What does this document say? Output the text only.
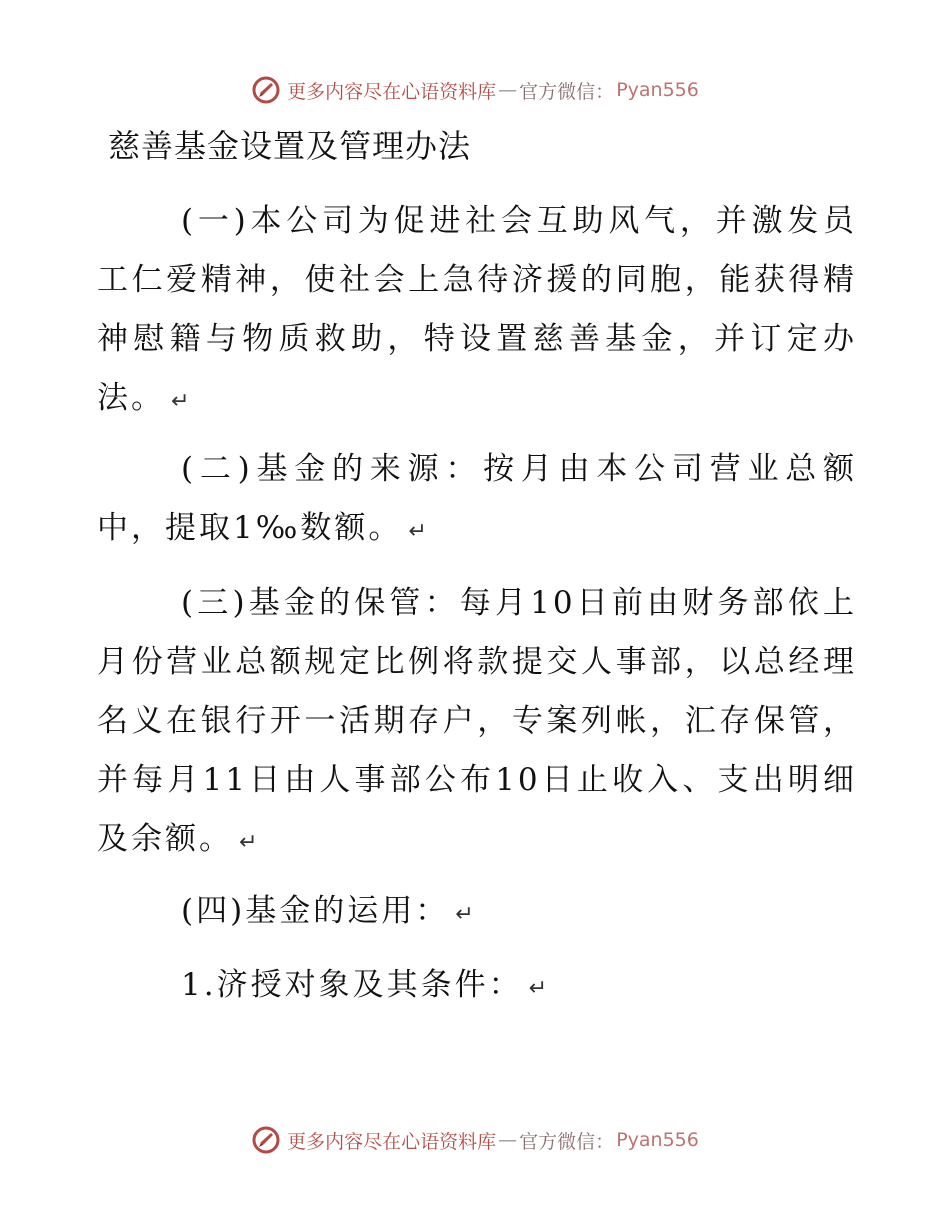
更多内容尽在心语资料库 — 官方微信： Pyan556
慈善基金设置及管理办法

(一)本公司为促进社会互助风气，并激发员工仁爱精神，使社会上急待济援的同胞，能获得精神慰籍与物质救助，特设置慈善基金，并订定办法。 ↵

(二)基金的来源：按月由本公司营业总额中，提取1‰数额。 ↵

(三)基金的保管：每月10日前由财务部依上月份营业总额规定比例将款提交人事部，以总经理名义在银行开一活期存户，专案列帐，汇存保管，并每月11日由人事部公布10日止收入、支出明细及余额。 ↵

(四)基金的运用： ↵

1.济授对象及其条件： ↵

更多内容尽在心语资料库 — 官方微信： Pyan556
